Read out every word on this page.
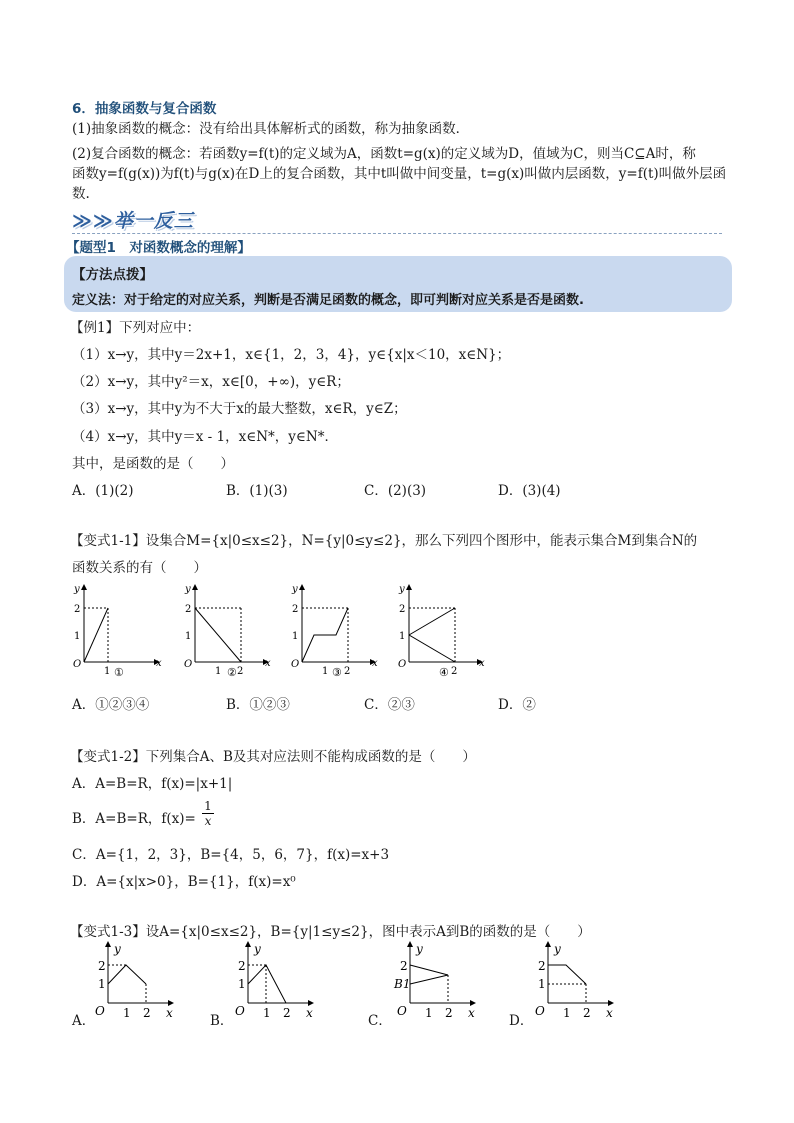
6．抽象函数与复合函数
(1)抽象函数的概念：没有给出具体解析式的函数，称为抽象函数．
(2)复合函数的概念：若函数y=f(t)的定义域为A，函数t=g(x)的定义域为D，值域为C，则当C⊆A时，称
函数y=f(g(x))为f(t)与g(x)在D上的复合函数，其中t叫做中间变量，t=g(x)叫做内层函数，y=f(t)叫做外层函
数.
≫≫举一反三
【题型1　对函数概念的理解】
【方法点拨】
定义法：对于给定的对应关系，判断是否满足函数的概念，即可判断对应关系是否是函数.
【例1】下列对应中：
（1）x→y，其中y＝2x+1，x∈{1，2，3，4}，y∈{x|x＜10，x∈N}；
（2）x→y，其中y²＝x，x∈[0，+∞)，y∈R；
（3）x→y，其中y为不大于x的最大整数，x∈R，y∈Z；
（4）x→y，其中y＝x - 1，x∈N*，y∈N*．
其中，是函数的是（　　）
A．(1)(2)	B．(1)(3)	C．(2)(3)	D．(3)(4)
【变式1-1】设集合M={x|0≤x≤2}，N={y|0≤y≤2}，那么下列四个图形中，能表示集合M到集合N的
函数关系的有（　　）
y
x
O
1
2
1 ①
y
x
O
1
2
1 2
②
y
x
O
1
2
1 2
③
y
x
O
1
2
2
④
A．①②③④	B．①②③	C．②③	D．②
【变式1-2】下列集合A、B及其对应法则不能构成函数的是（　　）
A．A=B=R，f(x)=|x+1|
B．A=B=R，$f(x)= \frac{1}{x}$
C．A={1，2，3}，B={4，5，6，7}，f(x)=x+3
D．A={x|x>0}，B={1}，f(x)=x⁰
【变式1-3】设A={x|0≤x≤2}，B={y|1≤y≤2}，图中表示A到B的函数的是（　　）
A．	B．	C．	D．
y
x
O
1
2
1 2
y
x
O
1
2
1 2
y
x
O
B1
2
1 2
y
x
O
1
2
1 2
